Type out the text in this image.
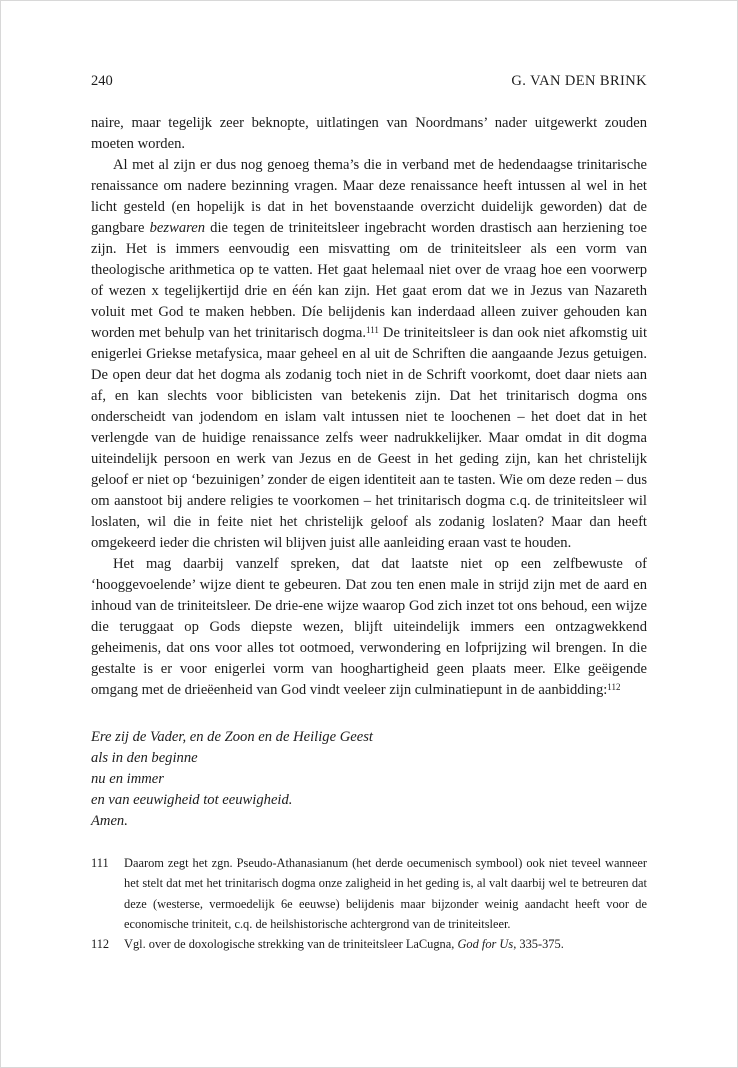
240	G. VAN DEN BRINK

naire, maar tegelijk zeer beknopte, uitlatingen van Noordmans’ nader uitgewerkt zouden moeten worden.

Al met al zijn er dus nog genoeg thema’s die in verband met de hedendaagse trinitarische renaissance om nadere bezinning vragen. Maar deze renaissance heeft intussen al wel in het licht gesteld (en hopelijk is dat in het bovenstaande overzicht duidelijk geworden) dat de gangbare bezwaren die tegen de triniteitsleer ingebracht worden drastisch aan herziening toe zijn. Het is immers eenvoudig een misvatting om de triniteitsleer als een vorm van theologische arithmetica op te vatten. Het gaat helemaal niet over de vraag hoe een voorwerp of wezen x tegelijkertijd drie en één kan zijn. Het gaat erom dat we in Jezus van Nazareth voluit met God te maken hebben. Díe belijdenis kan inderdaad alleen zuiver gehouden kan worden met behulp van het trinitarisch dogma.$^{111}$ De triniteitsleer is dan ook niet afkomstig uit enigerlei Griekse metafysica, maar geheel en al uit de Schriften die aangaande Jezus getuigen. De open deur dat het dogma als zodanig toch niet in de Schrift voorkomt, doet daar niets aan af, en kan slechts voor biblicisten van betekenis zijn. Dat het trinitarisch dogma ons onderscheidt van jodendom en islam valt intussen niet te loochenen – het doet dat in het verlengde van de huidige renaissance zelfs weer nadrukkelijker. Maar omdat in dit dogma uiteindelijk persoon en werk van Jezus en de Geest in het geding zijn, kan het christelijk geloof er niet op ‘bezuinigen’ zonder de eigen identiteit aan te tasten. Wie om deze reden – dus om aanstoot bij andere religies te voorkomen – het trinitarisch dogma c.q. de triniteitsleer wil loslaten, wil die in feite niet het christelijk geloof als zodanig loslaten? Maar dan heeft omgekeerd ieder die christen wil blijven juist alle aanleiding eraan vast te houden.

Het mag daarbij vanzelf spreken, dat dat laatste niet op een zelfbewuste of ‘hooggevoelende’ wijze dient te gebeuren. Dat zou ten enen male in strijd zijn met de aard en inhoud van de triniteitsleer. De drie-ene wijze waarop God zich inzet tot ons behoud, een wijze die teruggaat op Gods diepste wezen, blijft uiteindelijk immers een ontzagwekkend geheimenis, dat ons voor alles tot ootmoed, verwondering en lofprijzing wil brengen. In die gestalte is er voor enigerlei vorm van hooghartigheid geen plaats meer. Elke geëigende omgang met de drieëenheid van God vindt veeleer zijn culminatiepunt in de aanbidding:$^{112}$

Ere zij de Vader, en de Zoon en de Heilige Geest
als in den beginne
nu en immer
en van eeuwigheid tot eeuwigheid.
Amen.
111	Daarom zegt het zgn. Pseudo-Athanasianum (het derde oecumenisch symbool) ook niet teveel wanneer het stelt dat met het trinitarisch dogma onze zaligheid in het geding is, al valt daarbij wel te betreuren dat deze (westerse, vermoedelijk 6e eeuwse) belijdenis maar bijzonder weinig aandacht heeft voor de economische triniteit, c.q. de heilshistorische achtergrond van de triniteitsleer.
112	Vgl. over de doxologische strekking van de triniteitsleer LaCugna, God for Us, 335-375.
